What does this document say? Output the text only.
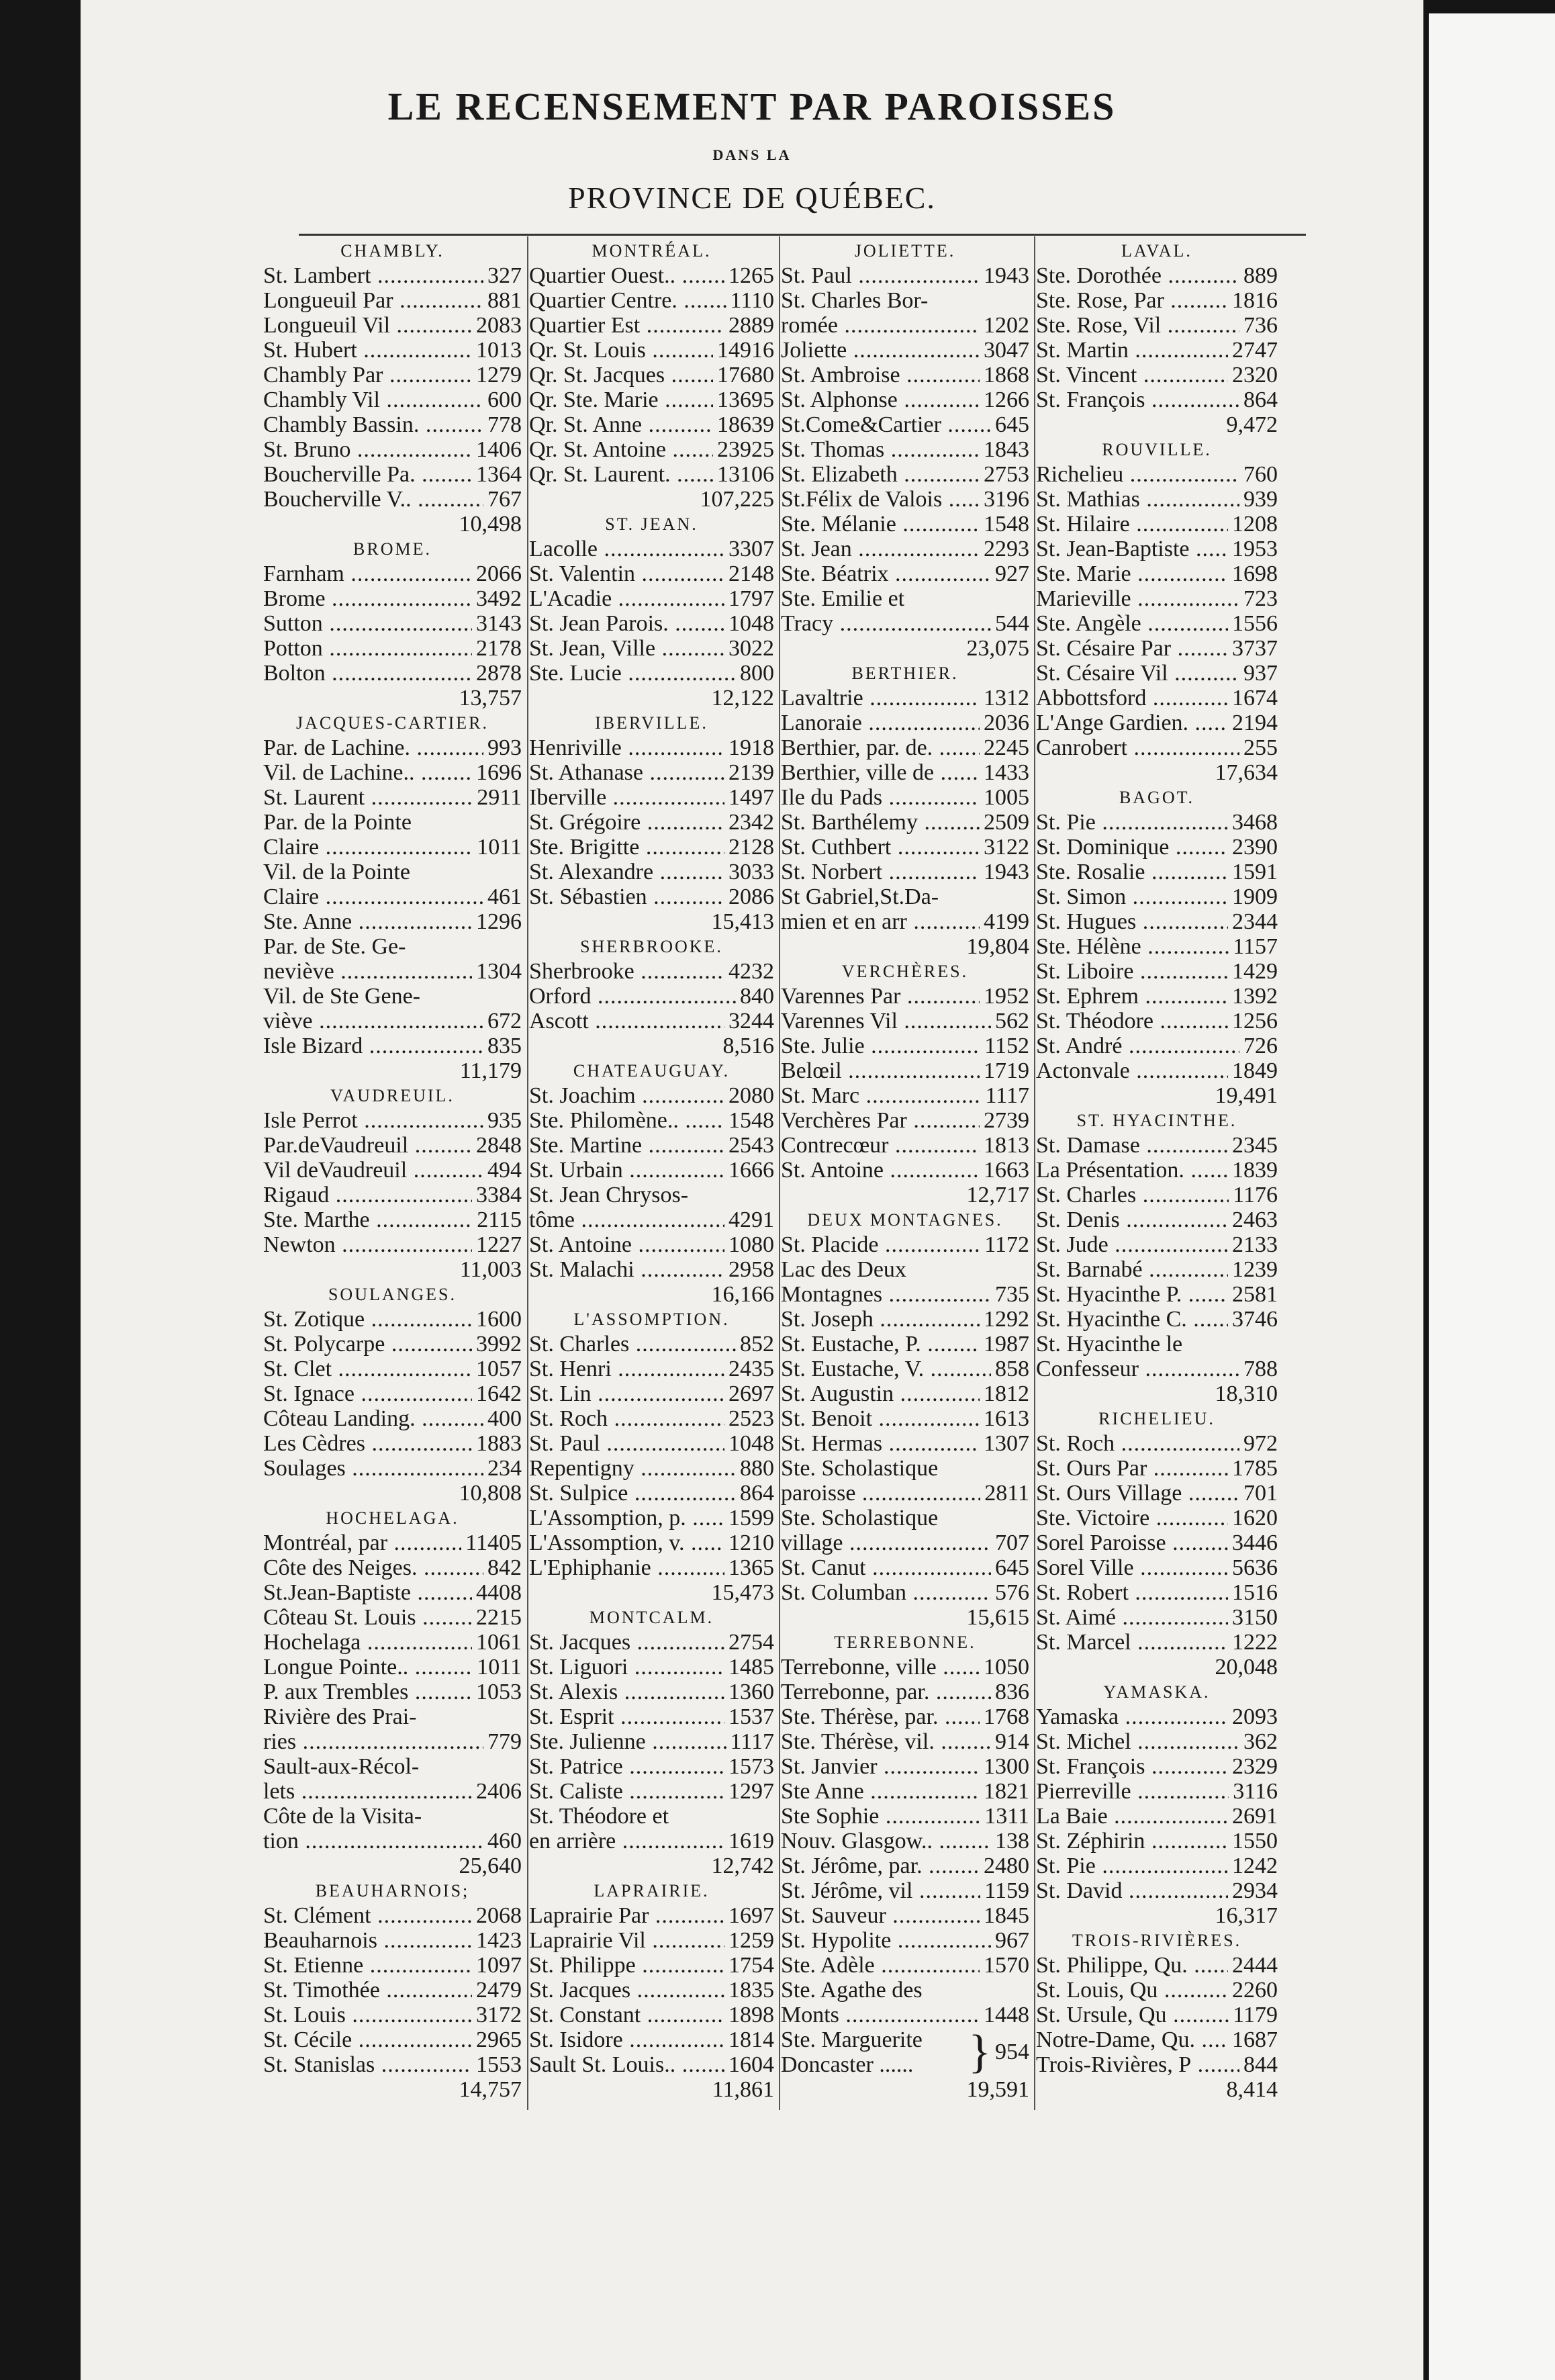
LE RECENSEMENT PAR PAROISSES
DANS LA
PROVINCE DE QUÉBEC.
CHAMBLY.
St. Lambert .....	327
Longueuil Par .....	881
Longueuil Vil .....	2083
St. Hubert .....	1013
Chambly Par .....	1279
Chambly Vil .....	600
Chambly Bassin. .....	778
St. Bruno .....	1406
Boucherville Pa. .....	1364
Boucherville V.. .....	767
10,498
BROME.
Farnham .....	2066
Brome .....	3492
Sutton .....	3143
Potton .....	2178
Bolton .....	2878
13,757
JACQUES-CARTIER.
Par. de Lachine. .....	993
Vil. de Lachine.. .....	1696
St. Laurent .....	2911
Par. de la Pointe
Claire .....	1011
Vil. de la Pointe
Claire .....	461
Ste. Anne .....	1296
Par. de Ste. Ge-
neviève .....	1304
Vil. de Ste Gene-
viève .....	672
Isle Bizard .....	835
11,179
VAUDREUIL.
Isle Perrot .....	935
Par.deVaudreuil .....	2848
Vil deVaudreuil .....	494
Rigaud .....	3384
Ste. Marthe .....	2115
Newton .....	1227
11,003
SOULANGES.
St. Zotique .....	1600
St. Polycarpe .....	3992
St. Clet .....	1057
St. Ignace .....	1642
Côteau Landing. .....	400
Les Cèdres .....	1883
Soulages .....	234
10,808
HOCHELAGA.
Montréal, par .....	11405
Côte des Neiges. .....	842
St.Jean-Baptiste .....	4408
Côteau St. Louis .....	2215
Hochelaga .....	1061
Longue Pointe.. .....	1011
P. aux Trembles .....	1053
Rivière des Prai-
ries .....	779
Sault-aux-Récol-
lets .....	2406
Côte de la Visita-
tion .....	460
25,640
BEAUHARNOIS;
St. Clément .....	2068
Beauharnois .....	1423
St. Etienne .....	1097
St. Timothée .....	2479
St. Louis .....	3172
St. Cécile .....	2965
St. Stanislas .....	1553
14,757
MONTRÉAL.
Quartier Ouest.. .....	1265
Quartier Centre. .....	1110
Quartier Est .....	2889
Qr. St. Louis .....	14916
Qr. St. Jacques .....	17680
Qr. Ste. Marie .....	13695
Qr. St. Anne .....	18639
Qr. St. Antoine .....	23925
Qr. St. Laurent. .....	13106
107,225
ST. JEAN.
Lacolle .....	3307
St. Valentin .....	2148
L'Acadie .....	1797
St. Jean Parois. .....	1048
St. Jean, Ville .....	3022
Ste. Lucie .....	800
12,122
IBERVILLE.
Henriville .....	1918
St. Athanase .....	2139
Iberville .....	1497
St. Grégoire .....	2342
Ste. Brigitte .....	2128
St. Alexandre .....	3033
St. Sébastien .....	2086
15,413
SHERBROOKE.
Sherbrooke .....	4232
Orford .....	840
Ascott .....	3244
8,516
CHATEAUGUAY.
St. Joachim .....	2080
Ste. Philomène.. .....	1548
Ste. Martine .....	2543
St. Urbain .....	1666
St. Jean Chrysos-
tôme .....	4291
St. Antoine .....	1080
St. Malachi .....	2958
16,166
L'ASSOMPTION.
St. Charles .....	852
St. Henri .....	2435
St. Lin .....	2697
St. Roch .....	2523
St. Paul .....	1048
Repentigny .....	880
St. Sulpice .....	864
L'Assomption, p. .....	1599
L'Assomption, v. .....	1210
L'Ephiphanie .....	1365
15,473
MONTCALM.
St. Jacques .....	2754
St. Liguori .....	1485
St. Alexis .....	1360
St. Esprit .....	1537
Ste. Julienne .....	1117
St. Patrice .....	1573
St. Caliste .....	1297
St. Théodore et
en arrière .....	1619
12,742
LAPRAIRIE.
Laprairie Par .....	1697
Laprairie Vil .....	1259
St. Philippe .....	1754
St. Jacques .....	1835
St. Constant .....	1898
St. Isidore .....	1814
Sault St. Louis.. .....	1604
11,861
JOLIETTE.
St. Paul .....	1943
St. Charles Bor-
romée .....	1202
Joliette .....	3047
St. Ambroise .....	1868
St. Alphonse .....	1266
St.Come&Cartier .....	645
St. Thomas .....	1843
St. Elizabeth .....	2753
St.Félix de Valois .....	3196
Ste. Mélanie .....	1548
St. Jean .....	2293
Ste. Béatrix .....	927
Ste. Emilie et
Tracy .....	544
23,075
BERTHIER.
Lavaltrie .....	1312
Lanoraie .....	2036
Berthier, par. de. .....	2245
Berthier, ville de .....	1433
Ile du Pads .....	1005
St. Barthélemy .....	2509
St. Cuthbert .....	3122
St. Norbert .....	1943
St Gabriel,St.Da-
mien et en arr .....	4199
19,804
VERCHÈRES.
Varennes Par .....	1952
Varennes Vil .....	562
Ste. Julie .....	1152
Belœil .....	1719
St. Marc .....	1117
Verchères Par .....	2739
Contrecœur .....	1813
St. Antoine .....	1663
12,717
DEUX MONTAGNES.
St. Placide .....	1172
Lac des Deux
Montagnes .....	735
St. Joseph .....	1292
St. Eustache, P. .....	1987
St. Eustache, V. .....	858
St. Augustin .....	1812
St. Benoit .....	1613
St. Hermas .....	1307
Ste. Scholastique
paroisse .....	2811
Ste. Scholastique
village .....	707
St. Canut .....	645
St. Columban .....	576
15,615
TERREBONNE.
Terrebonne, ville .....	1050
Terrebonne, par. .....	836
Ste. Thérèse, par. .....	1768
Ste. Thérèse, vil. .....	914
St. Janvier .....	1300
Ste Anne .....	1821
Ste Sophie .....	1311
Nouv. Glasgow.. .....	138
St. Jérôme, par. .....	2480
St. Jérôme, vil .....	1159
St. Sauveur .....	1845
St. Hypolite .....	967
Ste. Adèle .....	1570
Ste. Agathe des
Monts .....	1448
Ste. Marguerite
Doncaster ......	} 954
19,591
LAVAL.
Ste. Dorothée .....	889
Ste. Rose, Par .....	1816
Ste. Rose, Vil .....	736
St. Martin .....	2747
St. Vincent .....	2320
St. François .....	864
9,472
ROUVILLE.
Richelieu .....	760
St. Mathias .....	939
St. Hilaire .....	1208
St. Jean-Baptiste .....	1953
Ste. Marie .....	1698
Marieville .....	723
Ste. Angèle .....	1556
St. Césaire Par .....	3737
St. Césaire Vil .....	937
Abbottsford .....	1674
L'Ange Gardien. .....	2194
Canrobert .....	255
17,634
BAGOT.
St. Pie .....	3468
St. Dominique .....	2390
Ste. Rosalie .....	1591
St. Simon .....	1909
St. Hugues .....	2344
Ste. Hélène .....	1157
St. Liboire .....	1429
St. Ephrem .....	1392
St. Théodore .....	1256
St. André .....	726
Actonvale .....	1849
19,491
ST. HYACINTHE.
St. Damase .....	2345
La Présentation. .....	1839
St. Charles .....	1176
St. Denis .....	2463
St. Jude .....	2133
St. Barnabé .....	1239
St. Hyacinthe P. .....	2581
St. Hyacinthe C. .....	3746
St. Hyacinthe le
Confesseur .....	788
18,310
RICHELIEU.
St. Roch .....	972
St. Ours Par .....	1785
St. Ours Village .....	701
Ste. Victoire .....	1620
Sorel Paroisse .....	3446
Sorel Ville .....	5636
St. Robert .....	1516
St. Aimé .....	3150
St. Marcel .....	1222
20,048
YAMASKA.
Yamaska .....	2093
St. Michel .....	362
St. François .....	2329
Pierreville .....	3116
La Baie .....	2691
St. Zéphirin .....	1550
St. Pie .....	1242
St. David .....	2934
16,317
TROIS-RIVIÈRES.
St. Philippe, Qu. .....	2444
St. Louis, Qu .....	2260
St. Ursule, Qu .....	1179
Notre-Dame, Qu. .....	1687
Trois-Rivières, P .....	844
8,414
